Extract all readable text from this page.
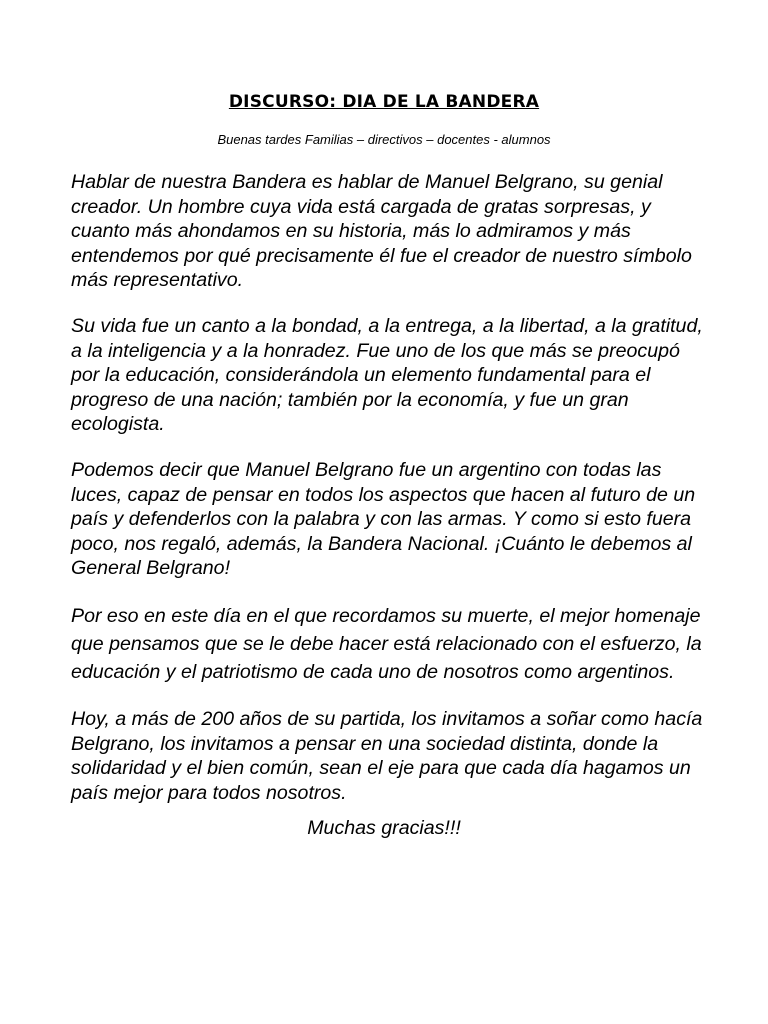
DISCURSO: DIA DE LA BANDERA
Buenas tardes Familias – directivos – docentes - alumnos

Hablar de nuestra Bandera es hablar de Manuel Belgrano, su genial creador. Un hombre cuya vida está cargada de gratas sorpresas, y cuanto más ahondamos en su historia, más lo admiramos y más entendemos por qué precisamente él fue el creador de nuestro símbolo más representativo.

Su vida fue un canto a la bondad, a la entrega, a la libertad, a la gratitud, a la inteligencia y a la honradez. Fue uno de los que más se preocupó por la educación, considerándola un elemento fundamental para el progreso de una nación; también por la economía, y fue un gran ecologista.

Podemos decir que Manuel Belgrano fue un argentino con todas las luces, capaz de pensar en todos los aspectos que hacen al futuro de un país y defenderlos con la palabra y con las armas. Y como si esto fuera poco, nos regaló, además, la Bandera Nacional. ¡Cuánto le debemos al General Belgrano!

Por eso en este día en el que recordamos su muerte, el mejor homenaje que pensamos que se le debe hacer está relacionado con el esfuerzo, la educación y el patriotismo de cada uno de nosotros como argentinos.

Hoy, a más de 200 años de su partida, los invitamos a soñar como hacía Belgrano, los invitamos a pensar en una sociedad distinta, donde la solidaridad y el bien común, sean el eje para que cada día hagamos un país mejor para todos nosotros.

Muchas gracias!!!
